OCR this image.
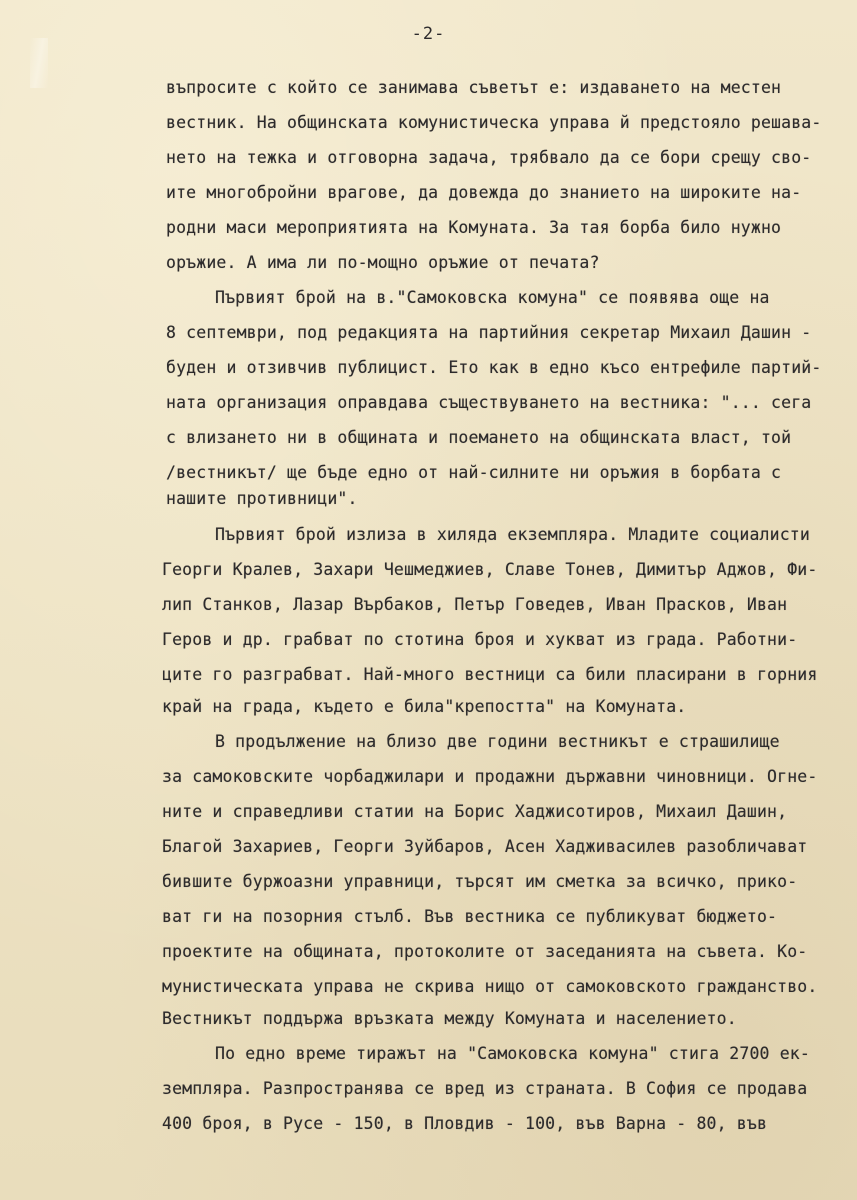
-2-
въпросите с който се занимава съветът е: издаването на местен
вестник. На общинската комунистическа управа й предстояло решава-
нето на тежка и отговорна задача, трябвало да се бори срещу сво-
ите многобройни врагове, да довежда до знанието на широките на-
родни маси мероприятията на Комуната. За тая борба било нужно
оръжие. А има ли по-мощно оръжие от печата?
Първият брой на в."Самоковска комуна" се появява още на
8 септември, под редакцията на партийния секретар Михаил Дашин -
буден и отзивчив публицист. Ето как в едно късо ентрефиле партий-
ната организация оправдава съществуването на вестника: "... сега
с влизането ни в общината и поемането на общинската власт, той
/вестникът/ ще бъде едно от най-силните ни оръжия в борбата с
нашите противници".
Първият брой излиза в хиляда екземпляра. Младите социалисти
Георги Кралев, Захари Чешмеджиев, Славе Тонев, Димитър Аджов, Фи-
лип Станков, Лазар Върбаков, Петър Говедев, Иван Прасков, Иван
Геров и др. грабват по стотина броя и хукват из града. Работни-
ците го разграбват. Най-много вестници са били пласирани в горния
край на града, където е била"крепостта" на Комуната.
В продължение на близо две години вестникът е страшилище
за самоковските чорбаджилари и продажни държавни чиновници. Огне-
ните и справедливи статии на Борис Хаджисотиров, Михаил Дашин,
Благой Захариев, Георги Зуйбаров, Асен Хадживаcилев разобличават
бившите буржоазни управници, търсят им сметка за всичко, прико-
ват ги на позорния стълб. Във вестника се публикуват бюджето-
проектите на общината, протоколите от заседанията на съвета. Ко-
мунистическата управа не скрива нищо от самоковското гражданство.
Вестникът поддържа връзката между Комуната и населението.
По едно време тиражът на "Самоковска комуна" стига 2700 ек-
земпляра. Разпространява се вред из страната. В София се продава
400 броя, в Русе - 150, в Пловдив - 100, във Варна - 80, във
